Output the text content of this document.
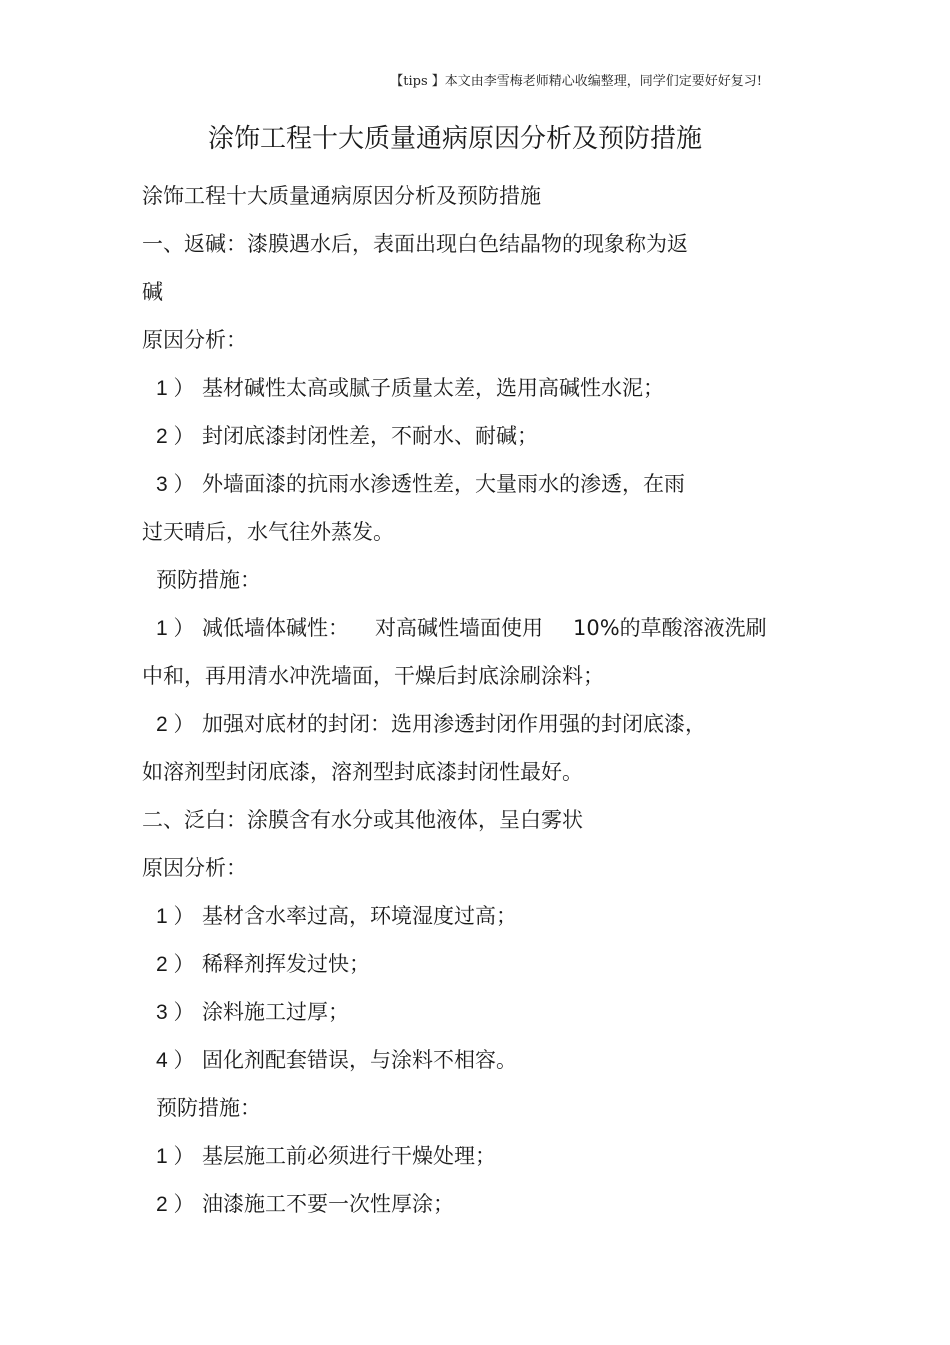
【tips 】本文由李雪梅老师精心收编整理，同学们定要好好复习!
涂饰工程十大质量通病原因分析及预防措施
涂饰工程十大质量通病原因分析及预防措施
一、返碱：漆膜遇水后，表面出现白色结晶物的现象称为返
碱
原因分析：
1 ） 基材碱性太高或腻子质量太差，选用高碱性水泥；
2 ） 封闭底漆封闭性差，不耐水、耐碱；
3 ） 外墙面漆的抗雨水渗透性差，大量雨水的渗透，在雨
过天晴后，水气往外蒸发。
预防措施：
1 ） 减低墙体碱性： 对高碱性墙面使用 10%的草酸溶液洗刷
中和，再用清水冲洗墙面，干燥后封底涂刷涂料；
2 ） 加强对底材的封闭：选用渗透封闭作用强的封闭底漆，
如溶剂型封闭底漆，溶剂型封底漆封闭性最好。
二、泛白：涂膜含有水分或其他液体，呈白雾状
原因分析：
1 ） 基材含水率过高，环境湿度过高；
2 ） 稀释剂挥发过快；
3 ） 涂料施工过厚；
4 ） 固化剂配套错误，与涂料不相容。
预防措施：
1 ） 基层施工前必须进行干燥处理；
2 ） 油漆施工不要一次性厚涂；
